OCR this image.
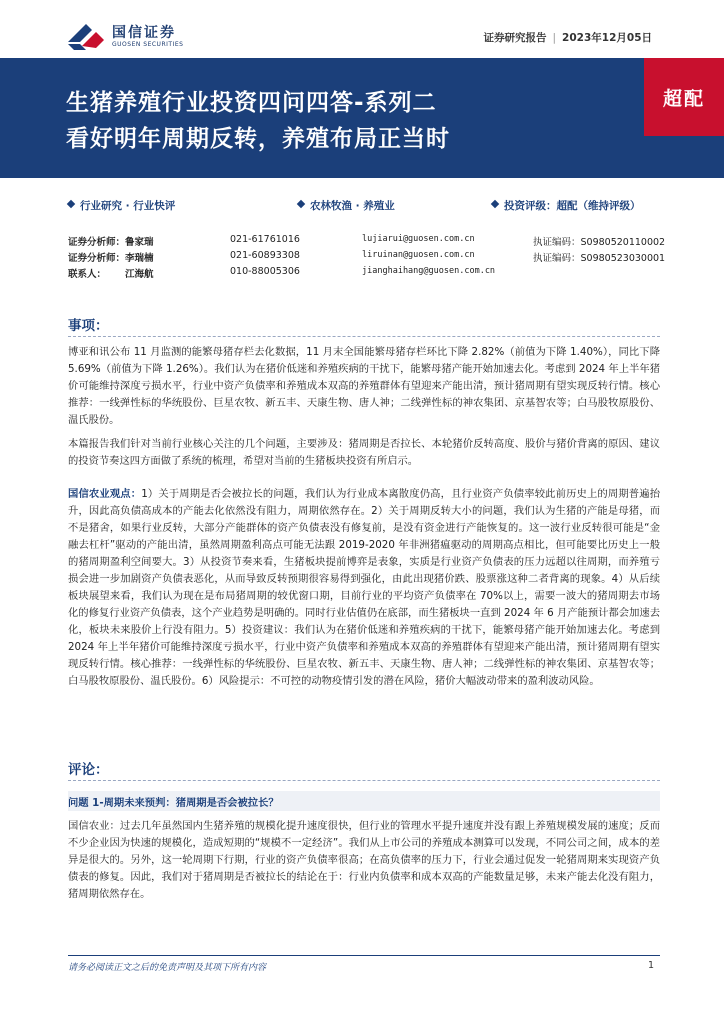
国信证券
GUOSEN SECURITIES
证券研究报告 | 2023年12月05日
生猪养殖行业投资四问四答-系列二
看好明年周期反转，养殖布局正当时
超配
行业研究 · 行业快评	农林牧渔 · 养殖业	投资评级：超配（维持评级）
证券分析师： 鲁家瑞	021-61761016	lujiarui@guosen.com.cn	执证编码：S0980520110002
证券分析师： 李瑞楠	021-60893308	liruinan@guosen.com.cn	执证编码：S0980523030001
联系人： 江海航	010-88005306	jianghaihang@guosen.com.cn
事项：

博亚和讯公布 11 月监测的能繁母猪存栏去化数据，11 月末全国能繁母猪存栏环比下降 2.82%（前值为下降 1.40%），同比下降 5.69%（前值为下降 1.26%）。我们认为在猪价低迷和养殖疾病的干扰下，能繁母猪产能开始加速去化。考虑到 2024 年上半年猪价可能维持深度亏损水平，行业中资产负债率和养殖成本双高的养殖群体有望迎来产能出清，预计猪周期有望实现反转行情。核心推荐：一线弹性标的华统股份、巨星农牧、新五丰、天康生物、唐人神；二线弹性标的神农集团、京基智农等；白马股牧原股份、温氏股份。

本篇报告我们针对当前行业核心关注的几个问题，主要涉及：猪周期是否拉长、本轮猪价反转高度、股价与猪价背离的原因、建议的投资节奏这四方面做了系统的梳理，希望对当前的生猪板块投资有所启示。

国信农业观点：1）关于周期是否会被拉长的问题，我们认为行业成本离散度仍高，且行业资产负债率较此前历史上的周期普遍抬升，因此高负债高成本的产能去化依然没有阻力，周期依然存在。2）关于周期反转大小的问题，我们认为生猪的产能是母猪，而不是猪舍，如果行业反转，大部分产能群体的资产负债表没有修复前，是没有资金进行产能恢复的。这一波行业反转很可能是“金融去杠杆”驱动的产能出清，虽然周期盈利高点可能无法跟 2019-2020 年非洲猪瘟驱动的周期高点相比，但可能要比历史上一般的猪周期盈利空间要大。3）从投资节奏来看，生猪板块提前博弈是表象，实质是行业资产负债表的压力远超以往周期，而养殖亏损会进一步加剧资产负债表恶化，从而导致反转预期很容易得到强化，由此出现猪价跌、股票涨这种二者背离的现象。4）从后续板块展望来看，我们认为现在是布局猪周期的较优窗口期，目前行业的平均资产负债率在 70%以上，需要一波大的猪周期去市场化的修复行业资产负债表，这个产业趋势是明确的。同时行业估值仍在底部，而生猪板块一直到 2024 年 6 月产能预计都会加速去化，板块未来股价上行没有阻力。5）投资建议：我们认为在猪价低迷和养殖疾病的干扰下，能繁母猪产能开始加速去化。考虑到 2024 年上半年猪价可能维持深度亏损水平，行业中资产负债率和养殖成本双高的养殖群体有望迎来产能出清，预计猪周期有望实现反转行情。核心推荐：一线弹性标的华统股份、巨星农牧、新五丰、天康生物、唐人神；二线弹性标的神农集团、京基智农等；白马股牧原股份、温氏股份。6）风险提示：不可控的动物疫情引发的潜在风险，猪价大幅波动带来的盈利波动风险。

评论：
问题 1-周期未来预判：猪周期是否会被拉长？

国信农业：过去几年虽然国内生猪养殖的规模化提升速度很快，但行业的管理水平提升速度并没有跟上养殖规模发展的速度；反而不少企业因为快速的规模化，造成短期的“规模不一定经济”。我们从上市公司的养殖成本测算可以发现，不同公司之间，成本的差异是很大的。另外，这一轮周期下行期，行业的资产负债率很高；在高负债率的压力下，行业会通过促发一轮猪周期来实现资产负债表的修复。因此，我们对于猪周期是否被拉长的结论在于：行业内负债率和成本双高的产能数量足够，未来产能去化没有阻力，猪周期依然存在。

请务必阅读正文之后的免责声明及其项下所有内容	1
